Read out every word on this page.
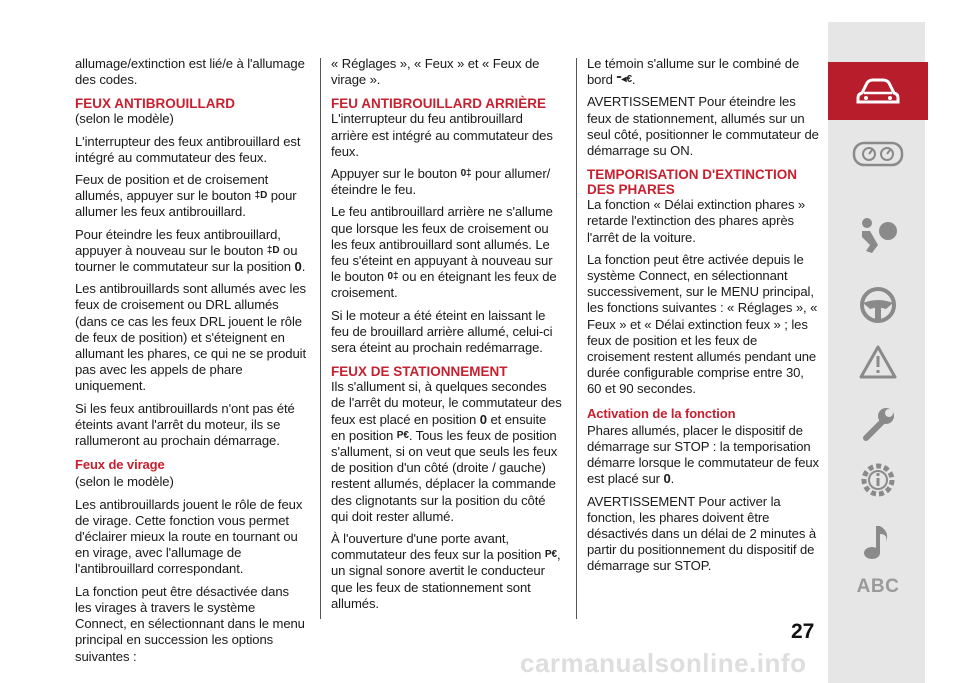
allumage/extinction est lié/e à l'allumage des codes.

FEUX ANTIBROUILLARD

(selon le modèle)

L'interrupteur des feux antibrouillard est intégré au commutateur des feux.

Feux de position et de croisement allumés, appuyer sur le bouton ‡D pour allumer les feux antibrouillard.

Pour éteindre les feux antibrouillard, appuyer à nouveau sur le bouton ‡D ou tourner le commutateur sur la position 0.

Les antibrouillards sont allumés avec les feux de croisement ou DRL allumés (dans ce cas les feux DRL jouent le rôle de feux de position) et s'éteignent en allumant les phares, ce qui ne se produit pas avec les appels de phare uniquement.

Si les feux antibrouillards n'ont pas été éteints avant l'arrêt du moteur, ils se rallumeront au prochain démarrage.

Feux de virage

(selon le modèle)

Les antibrouillards jouent le rôle de feux de virage. Cette fonction vous permet d'éclairer mieux la route en tournant ou en virage, avec l'allumage de l'antibrouillard correspondant.

La fonction peut être désactivée dans les virages à travers le système Connect, en sélectionnant dans le menu principal en succession les options suivantes :

« Réglages », « Feux » et « Feux de virage ».

FEU ANTIBROUILLARD ARRIÈRE

L'interrupteur du feu antibrouillard arrière est intégré au commutateur des feux.

Appuyer sur le bouton 0‡ pour allumer/éteindre le feu.

Le feu antibrouillard arrière ne s'allume que lorsque les feux de croisement ou les feux antibrouillard sont allumés. Le feu s'éteint en appuyant à nouveau sur le bouton 0‡ ou en éteignant les feux de croisement.

Si le moteur a été éteint en laissant le feu de brouillard arrière allumé, celui-ci sera éteint au prochain redémarrage.

FEUX DE STATIONNEMENT

Ils s'allument si, à quelques secondes de l'arrêt du moteur, le commutateur des feux est placé en position 0 et ensuite en position P€. Tous les feux de position s'allument, si on veut que seuls les feux de position d'un côté (droite / gauche) restent allumés, déplacer la commande des clignotants sur la position du côté qui doit rester allumé.

À l'ouverture d'une porte avant, commutateur des feux sur la position P€, un signal sonore avertit le conducteur que les feux de stationnement sont allumés.

Le témoin s'allume sur le combiné de bord ⁼◂€.

AVERTISSEMENT Pour éteindre les feux de stationnement, allumés sur un seul côté, positionner le commutateur de démarrage su ON.

TEMPORISATION D'EXTINCTION DES PHARES

La fonction « Délai extinction phares » retarde l'extinction des phares après l'arrêt de la voiture.

La fonction peut être activée depuis le système Connect, en sélectionnant successivement, sur le MENU principal, les fonctions suivantes : « Réglages », « Feux » et « Délai extinction feux » ; les feux de position et les feux de croisement restent allumés pendant une durée configurable comprise entre 30, 60 et 90 secondes.

Activation de la fonction

Phares allumés, placer le dispositif de démarrage sur STOP : la temporisation démarre lorsque le commutateur de feux est placé sur 0.

AVERTISSEMENT Pour activer la fonction, les phares doivent être désactivés dans un délai de 2 minutes à partir du positionnement du dispositif de démarrage sur STOP.

ABC
27
carmanualsonline.info
